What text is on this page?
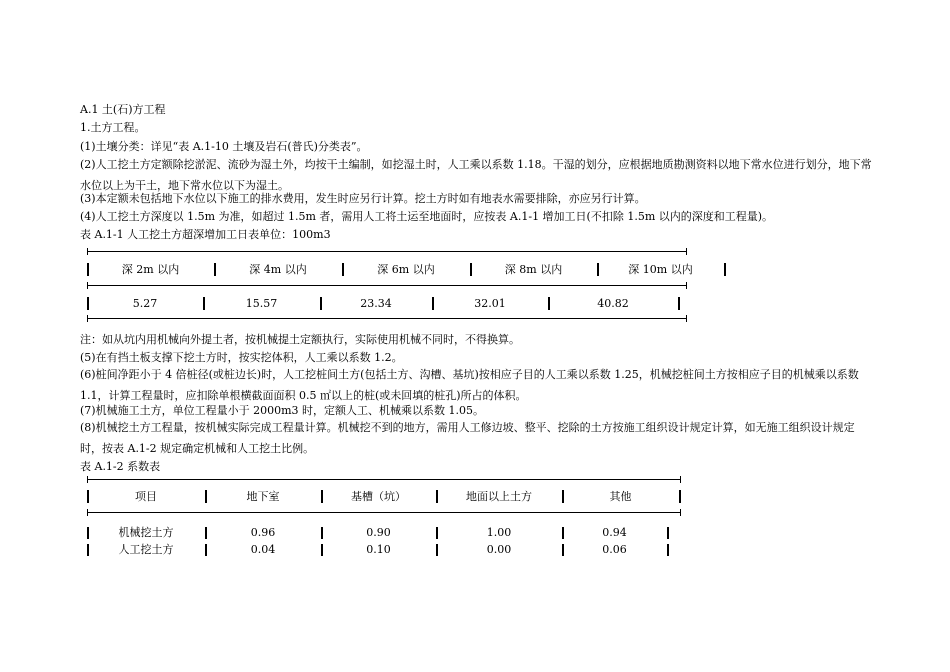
A.1 土(石)方工程
1.土方工程。
(1)土壤分类：详见“表 A.1-10 土壤及岩石(普氏)分类表”。
(2)人工挖土方定额除挖淤泥、流砂为湿土外，均按干土编制，如挖湿土时，人工乘以系数 1.18。干湿的划分，应根据地质勘测资料以地下常水位进行划分，地下常水位以上为干土，地下常水位以下为湿土。
(3)本定额未包括地下水位以下施工的排水费用，发生时应另行计算。挖土方时如有地表水需要排除，亦应另行计算。
(4)人工挖土方深度以 1.5m 为准，如超过 1.5m 者，需用人工将土运至地面时，应按表 A.1-1 增加工日(不扣除 1.5m 以内的深度和工程量)。
表 A.1-1 人工挖土方超深增加工日表单位：100m3
注：如从坑内用机械向外提土者，按机械提土定额执行，实际使用机械不同时，不得换算。
(5)在有挡土板支撑下挖土方时，按实挖体积，人工乘以系数 1.2。
(6)桩间净距小于 4 倍桩径(或桩边长)时，人工挖桩间土方(包括土方、沟槽、基坑)按相应子目的人工乘以系数 1.25，机械挖桩间土方按相应子目的机械乘以系数 1.1，计算工程量时，应扣除单根横截面面积 0.5 ㎡以上的桩(或未回填的桩孔)所占的体积。
(7)机械施工土方，单位工程量小于 2000m3 时，定额人工、机械乘以系数 1.05。
(8)机械挖土方工程量，按机械实际完成工程量计算。机械挖不到的地方，需用人工修边坡、整平、挖除的土方按施工组织设计规定计算，如无施工组织设计规定时，按表 A.1-2 规定确定机械和人工挖土比例。
表 A.1-2 系数表
深 2m 以内	深 4m 以内	深 6m 以内	深 8m 以内	深 10m 以内
5.27	15.57	23.34	32.01	40.82
项目	地下室	基槽（坑）	地面以上土方	其他
机械挖土方	0.96	0.90	1.00	0.94
人工挖土方	0.04	0.10	0.00	0.06
